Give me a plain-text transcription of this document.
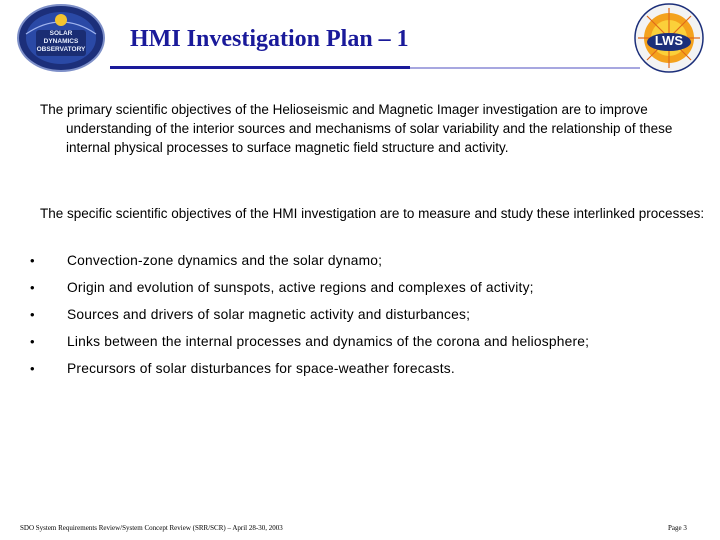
SOLAR
DYNAMICS
OBSERVATORY	HMI Investigation Plan – 1	LWS
The primary scientific objectives of the Helioseismic and Magnetic Imager investigation are to improve understanding of the interior sources and mechanisms of solar variability and the relationship of these internal physical processes to surface magnetic field structure and activity.
The specific scientific objectives of the HMI investigation are to measure and study these interlinked processes:
• Convection-zone dynamics and the solar dynamo;
• Origin and evolution of sunspots, active regions and complexes of activity;
• Sources and drivers of solar magnetic activity and disturbances;
• Links between the internal processes and dynamics of the corona and heliosphere;
• Precursors of solar disturbances for space-weather forecasts.
SDO System Requirements Review/System Concept Review (SRR/SCR) – April 28-30, 2003	Page 3
